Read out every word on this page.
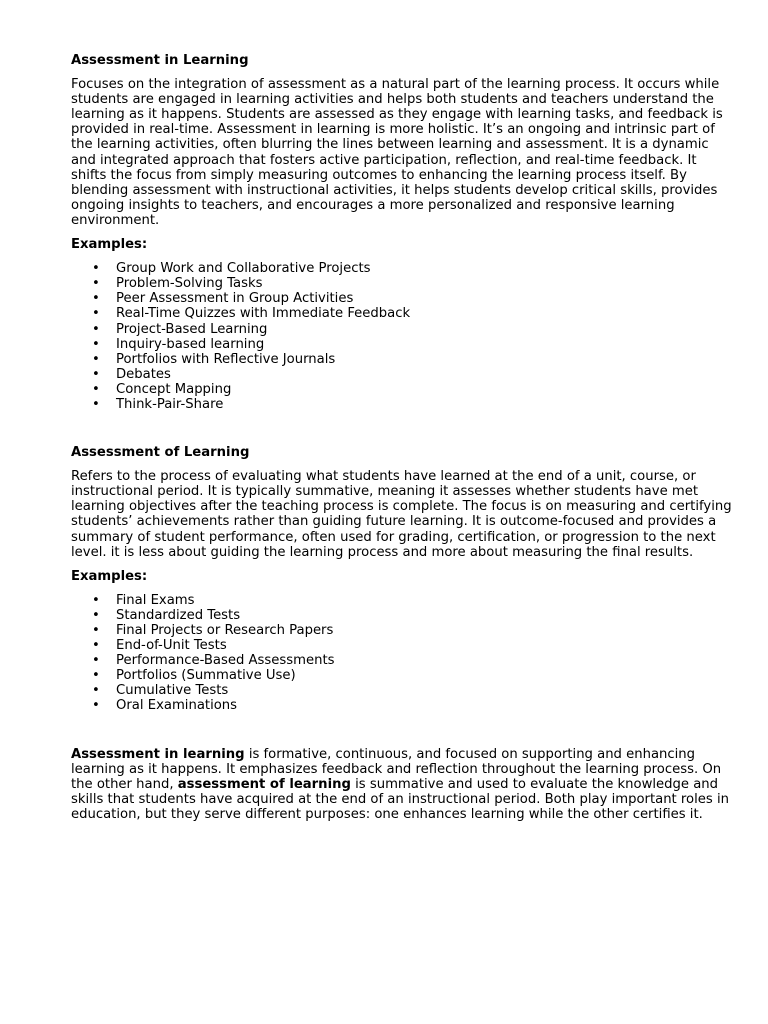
Assessment in Learning

Focuses on the integration of assessment as a natural part of the learning process. It occurs while students are engaged in learning activities and helps both students and teachers understand the learning as it happens. Students are assessed as they engage with learning tasks, and feedback is provided in real-time. Assessment in learning is more holistic. It’s an ongoing and intrinsic part of the learning activities, often blurring the lines between learning and assessment. It is a dynamic and integrated approach that fosters active participation, reflection, and real-time feedback. It shifts the focus from simply measuring outcomes to enhancing the learning process itself. By blending assessment with instructional activities, it helps students develop critical skills, provides ongoing insights to teachers, and encourages a more personalized and responsive learning environment.

Examples:
• Group Work and Collaborative Projects
• Problem-Solving Tasks
• Peer Assessment in Group Activities
• Real-Time Quizzes with Immediate Feedback
• Project-Based Learning
• Inquiry-based learning
• Portfolios with Reflective Journals
• Debates
• Concept Mapping
• Think-Pair-Share
Assessment of Learning

Refers to the process of evaluating what students have learned at the end of a unit, course, or instructional period. It is typically summative, meaning it assesses whether students have met learning objectives after the teaching process is complete. The focus is on measuring and certifying students’ achievements rather than guiding future learning. It is outcome-focused and provides a summary of student performance, often used for grading, certification, or progression to the next level. it is less about guiding the learning process and more about measuring the final results.

Examples:
• Final Exams
• Standardized Tests
• Final Projects or Research Papers
• End-of-Unit Tests
• Performance-Based Assessments
• Portfolios (Summative Use)
• Cumulative Tests
• Oral Examinations

Assessment in learning is formative, continuous, and focused on supporting and enhancing learning as it happens. It emphasizes feedback and reflection throughout the learning process. On the other hand, assessment of learning is summative and used to evaluate the knowledge and skills that students have acquired at the end of an instructional period. Both play important roles in education, but they serve different purposes: one enhances learning while the other certifies it.
